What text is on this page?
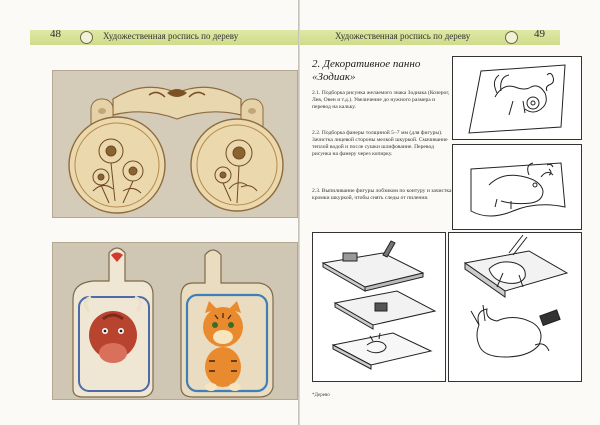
48	Художественная роспись по дереву	Художественная роспись по дереву	49
2. Декоративное панно «Зодиак»
2.1. Подборка рисунка желаемого знака Зодиака (Козерог, Лев, Овен и т.д.). Увеличение до нужного размера и перевод на кальку.
2.2. Подборка фанеры толщиной 5–7 мм (для фигуры). Зачистка лицевой стороны мелкой шкуркой. Смачивание теплой водой и после сушки шлифование. Перевод рисунка на фанеру через копирку.
2.3. Выпиливание фигуры лобзиком по контуру и зачистка кромки шкуркой, чтобы снять следы от пиления.
*Дерево
